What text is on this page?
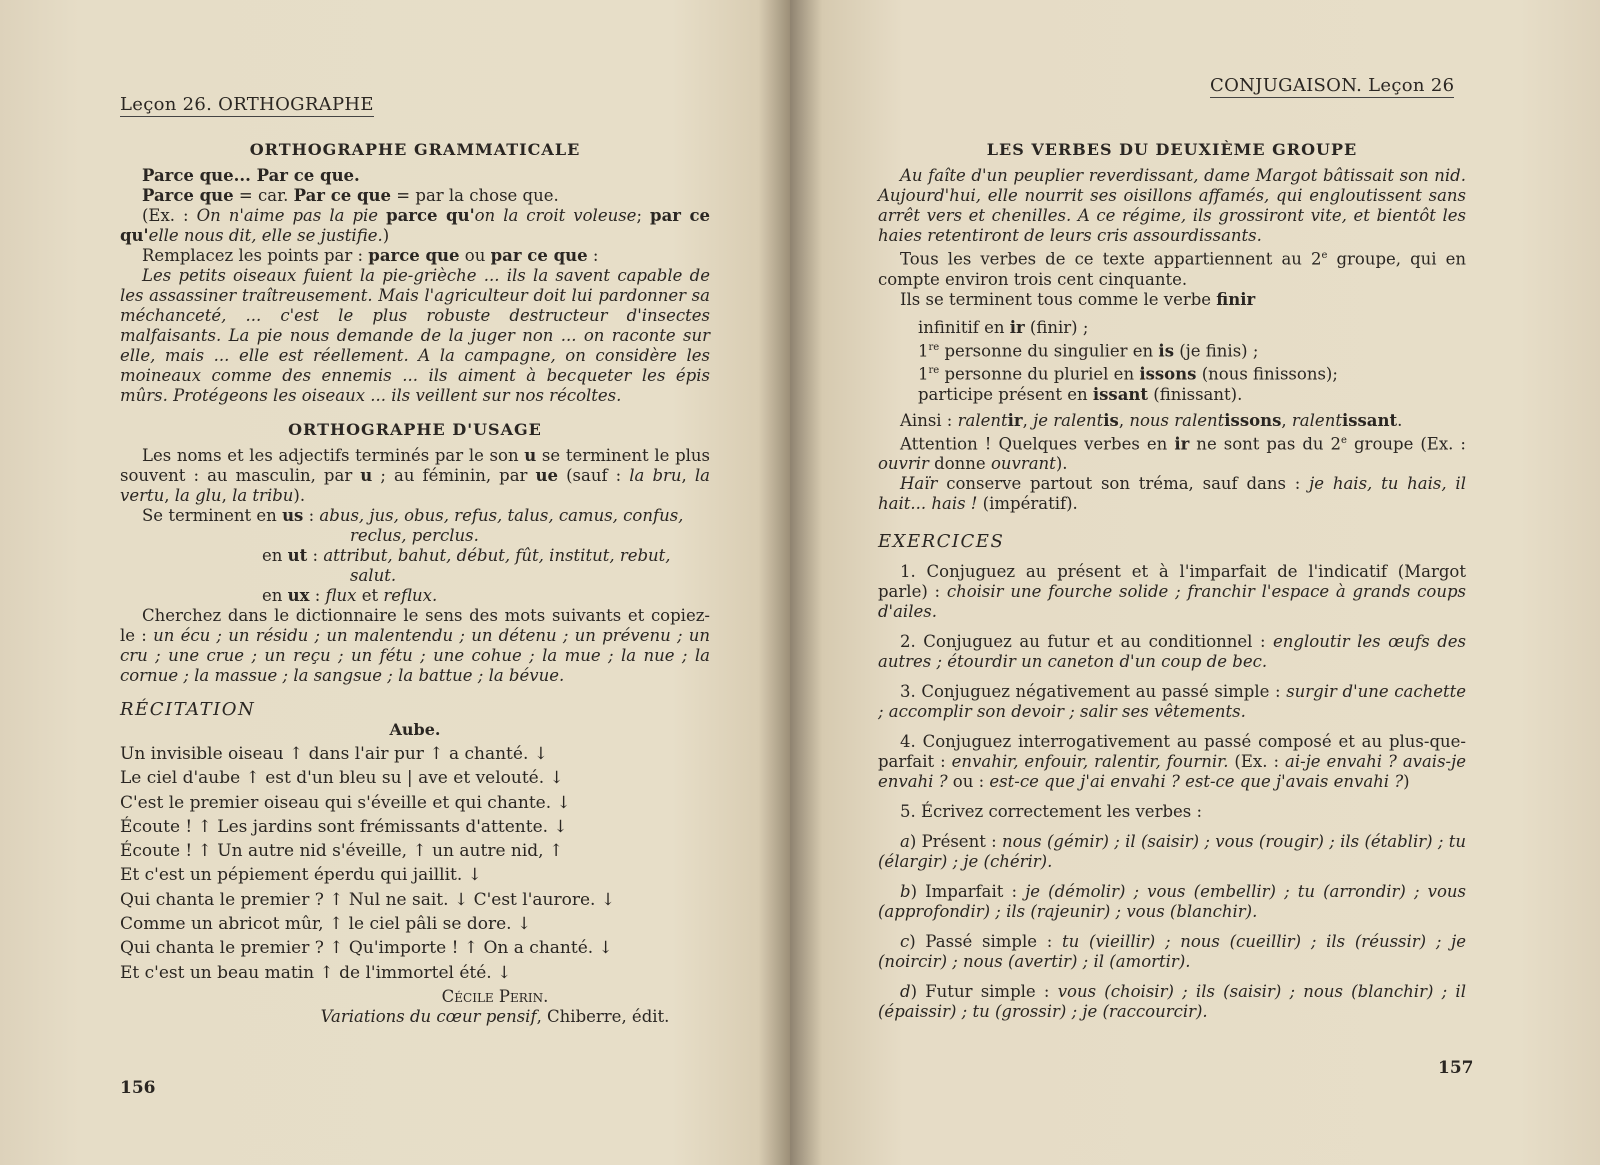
Leçon 26. ORTHOGRAPHE
ORTHOGRAPHE GRAMMATICALE

Parce que... Par ce que.

Parce que = car. Par ce que = par la chose que.

(Ex. : On n'aime pas la pie parce qu'on la croit voleuse; par ce qu'elle nous dit, elle se justifie.)

Remplacez les points par : parce que ou par ce que :

Les petits oiseaux fuient la pie-grièche ... ils la savent capable de les assassiner traîtreusement. Mais l'agriculteur doit lui pardonner sa méchanceté, ... c'est le plus robuste destructeur d'insectes malfaisants. La pie nous demande de la juger non ... on raconte sur elle, mais ... elle est réellement. A la campagne, on considère les moineaux comme des ennemis ... ils aiment à becqueter les épis mûrs. Protégeons les oiseaux ... ils veillent sur nos récoltes.

ORTHOGRAPHE D'USAGE

Les noms et les adjectifs terminés par le son u se terminent le plus souvent : au masculin, par u ; au féminin, par ue (sauf : la bru, la vertu, la glu, la tribu).

Se terminent en us : abus, jus, obus, refus, talus, camus, confus,

reclus, perclus.

en ut : attribut, bahut, début, fût, institut, rebut,

salut.

en ux : flux et reflux.

Cherchez dans le dictionnaire le sens des mots suivants et copiez-le : un écu ; un résidu ; un malentendu ; un détenu ; un prévenu ; un cru ; une crue ; un reçu ; un fétu ; une cohue ; la mue ; la nue ; la cornue ; la massue ; la sangsue ; la battue ; la bévue.

RÉCITATION
Aube.

Un invisible oiseau ↑ dans l'air pur ↑ a chanté. ↓

Le ciel d'aube ↑ est d'un bleu su | ave et velouté. ↓

C'est le premier oiseau qui s'éveille et qui chante. ↓

Écoute ! ↑ Les jardins sont frémissants d'attente. ↓

Écoute ! ↑ Un autre nid s'éveille, ↑ un autre nid, ↑

Et c'est un pépiement éperdu qui jaillit. ↓

Qui chanta le premier ? ↑ Nul ne sait. ↓ C'est l'aurore. ↓

Comme un abricot mûr, ↑ le ciel pâli se dore. ↓

Qui chanta le premier ? ↑ Qu'importe ! ↑ On a chanté. ↓

Et c'est un beau matin ↑ de l'immortel été. ↓

Cécile Perin.

Variations du cœur pensif, Chiberre, édit.

156
CONJUGAISON. Leçon 26
LES VERBES DU DEUXIÈME GROUPE

Au faîte d'un peuplier reverdissant, dame Margot bâtissait son nid. Aujourd'hui, elle nourrit ses oisillons affamés, qui engloutissent sans arrêt vers et chenilles. A ce régime, ils grossiront vite, et bientôt les haies retentiront de leurs cris assourdissants.

Tous les verbes de ce texte appartiennent au 2e groupe, qui en compte environ trois cent cinquante.

Ils se terminent tous comme le verbe finir

infinitif en ir (finir) ;

1re personne du singulier en is (je finis) ;

1re personne du pluriel en issons (nous finissons);

participe présent en issant (finissant).

Ainsi : ralentir, je ralentis, nous ralentissons, ralentissant.

Attention ! Quelques verbes en ir ne sont pas du 2e groupe (Ex. : ouvrir donne ouvrant).

Haïr conserve partout son tréma, sauf dans : je hais, tu hais, il hait... hais ! (impératif).

EXERCICES

1. Conjuguez au présent et à l'imparfait de l'indicatif (Margot parle) : choisir une fourche solide ; franchir l'espace à grands coups d'ailes.

2. Conjuguez au futur et au conditionnel : engloutir les œufs des autres ; étourdir un caneton d'un coup de bec.

3. Conjuguez négativement au passé simple : surgir d'une cachette ; accomplir son devoir ; salir ses vêtements.

4. Conjuguez interrogativement au passé composé et au plus-que-parfait : envahir, enfouir, ralentir, fournir. (Ex. : ai-je envahi ? avais-je envahi ? ou : est-ce que j'ai envahi ? est-ce que j'avais envahi ?)

5. Écrivez correctement les verbes :

a) Présent : nous (gémir) ; il (saisir) ; vous (rougir) ; ils (établir) ; tu (élargir) ; je (chérir).

b) Imparfait : je (démolir) ; vous (embellir) ; tu (arrondir) ; vous (approfondir) ; ils (rajeunir) ; vous (blanchir).

c) Passé simple : tu (vieillir) ; nous (cueillir) ; ils (réussir) ; je (noircir) ; nous (avertir) ; il (amortir).

d) Futur simple : vous (choisir) ; ils (saisir) ; nous (blanchir) ; il (épaissir) ; tu (grossir) ; je (raccourcir).

157
